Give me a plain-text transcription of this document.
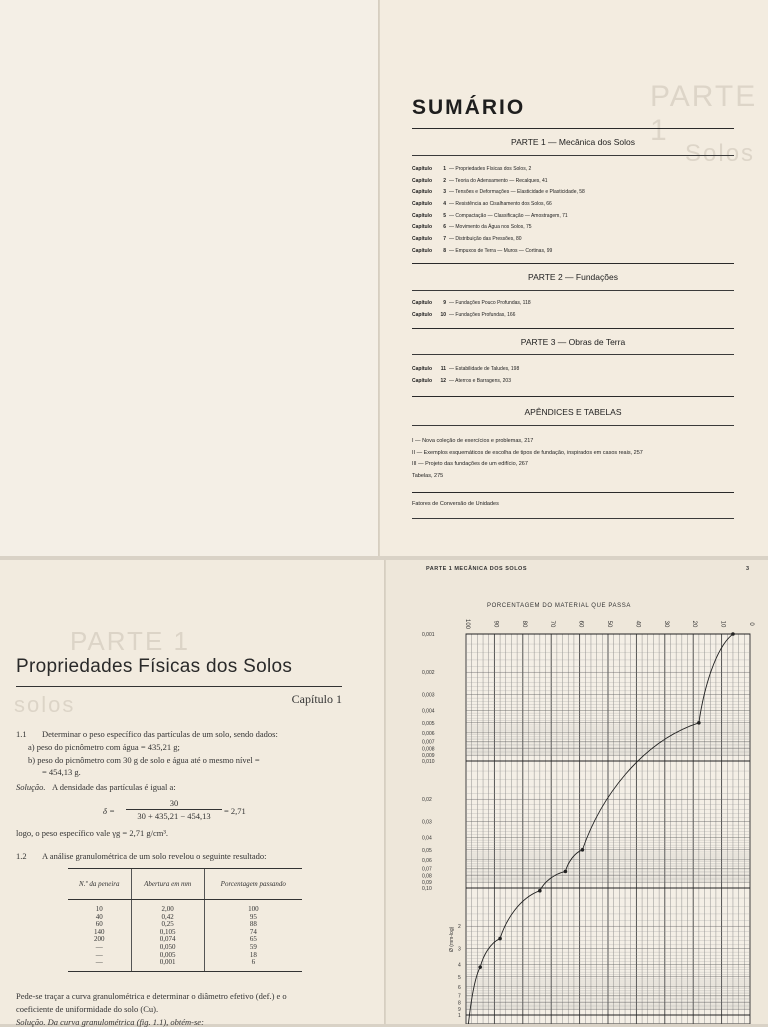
PARTE 1
Solos
SUMÁRIO
PARTE 1 — Mecânica dos Solos
Capítulo 1 — Propriedades Físicas dos Solos, 2
Capítulo 2 — Teoria do Adensamento — Recalques, 41
Capítulo 3 — Tensões e Deformações — Elasticidade e Plasticidade, 58
Capítulo 4 — Resistência ao Cisalhamento dos Solos, 66
Capítulo 5 — Compactação — Classificação — Amostragem, 71
Capítulo 6 — Movimento da Água nos Solos, 75
Capítulo 7 — Distribuição das Pressões, 80
Capítulo 8 — Empuxos de Terra — Muros — Cortinas, 99
PARTE 2 — Fundações
Capítulo 9 — Fundações Pouco Profundas, 118
Capítulo 10 — Fundações Profundas, 166
PARTE 3 — Obras de Terra
Capítulo 11 — Estabilidade de Taludes, 198
Capítulo 12 — Aterros e Barragens, 203
APÊNDICES E TABELAS
I — Nova coleção de exercícios e problemas, 217
II — Exemplos esquemáticos de escolha de tipos de fundação, inspirados em casos reais, 257
III — Projeto das fundações de um edifício, 267
Tabelas, 275
Fatores de Conversão de Unidades
PARTE 1
solos
Propriedades Físicas dos Solos
Capítulo 1
1.1 Determinar o peso específico das partículas de um solo, sendo dados:
a) peso do picnômetro com água = 435,21 g;
b) peso do picnômetro com 30 g de solo e água até o mesmo nível =
= 454,13 g.
Solução. A densidade das partículas é igual a:
δ =
30
30 + 435,21 − 454,13	= 2,71
logo, o peso específico vale γg = 2,71 g/cm³.
1.2 A análise granulométrica de um solo revelou o seguinte resultado:
N.º da peneira	Abertura em mm	Porcentagem passando
10	2,00	100
40	0,42	95
60	0,25	88
140	0,105	74
200	0,074	65
—	0,050	59
—	0,005	18
—	0,001	6
Pede-se traçar a curva granulométrica e determinar o diâmetro efetivo (def.) e o
coeficiente de uniformidade do solo (Cu).
Solução. Da curva granulométrica (fig. 1.1), obtém-se:
PARTE 1 MECÂNICA DOS SOLOS	3
PORCENTAGEM DO MATERIAL QUE PASSA
0
10
20
30
40
50
60
70
80
90
100
0,001
0,002
0,003
0,004
0,005
0,006
0,007
0,008
0,009
0,010
0,02
0,03
0,04
0,05
0,06
0,07
0,08
0,09
0,10
2
3
4
5
6
7
8
9
1
Ø (mm-log)
